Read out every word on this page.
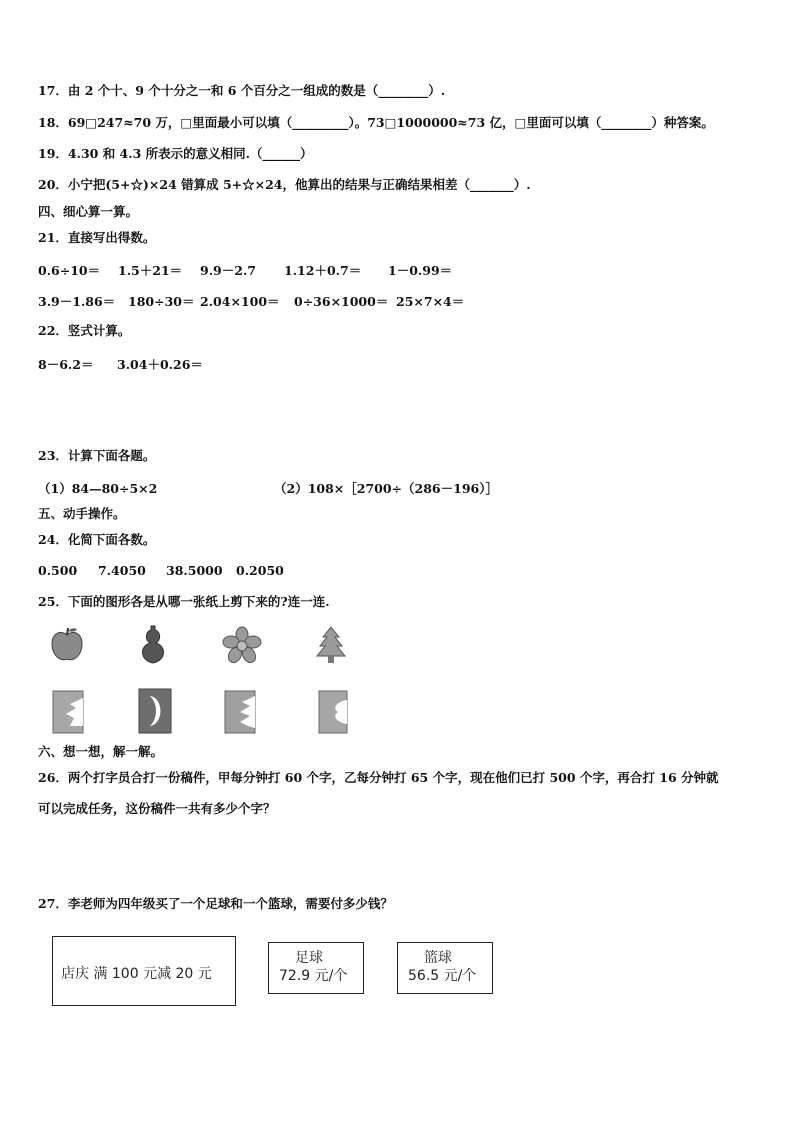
17．由 2 个十、9 个十分之一和 6 个百分之一组成的数是（________）.
18．69□247≈70 万，□里面最小可以填（_________）。73□1000000≈73 亿，□里面可以填（________）种答案。
19．4.30 和 4.3 所表示的意义相同.（______）
20．小宁把(5+☆)×24 错算成 5+☆×24，他算出的结果与正确结果相差（_______）.
四、细心算一算。
21．直接写出得数。
0.6÷10＝ 1.5＋21＝ 9.9－2.7 1.12＋0.7＝ 1－0.99＝
3.9－1.86＝ 180÷30＝ 2.04×100＝ 0÷36×1000＝ 25×7×4＝
22．竖式计算。
8－6.2＝ 3.04＋0.26＝
23．计算下面各题。
（1）84—80÷5×2	（2）108×［2700÷（286－196）］
五、动手操作。
24．化简下面各数。
0.500 7.4050 38.5000 0.2050
25．下面的图形各是从哪一张纸上剪下来的?连一连.
六、想一想，解一解。
26．两个打字员合打一份稿件，甲每分钟打 60 个字，乙每分钟打 65 个字，现在他们已打 500 个字，再合打 16 分钟就
可以完成任务，这份稿件一共有多少个字？
27．李老师为四年级买了一个足球和一个篮球，需要付多少钱？
店庆 满 100 元减 20 元
足球
72.9 元/个
篮球
56.5 元/个
